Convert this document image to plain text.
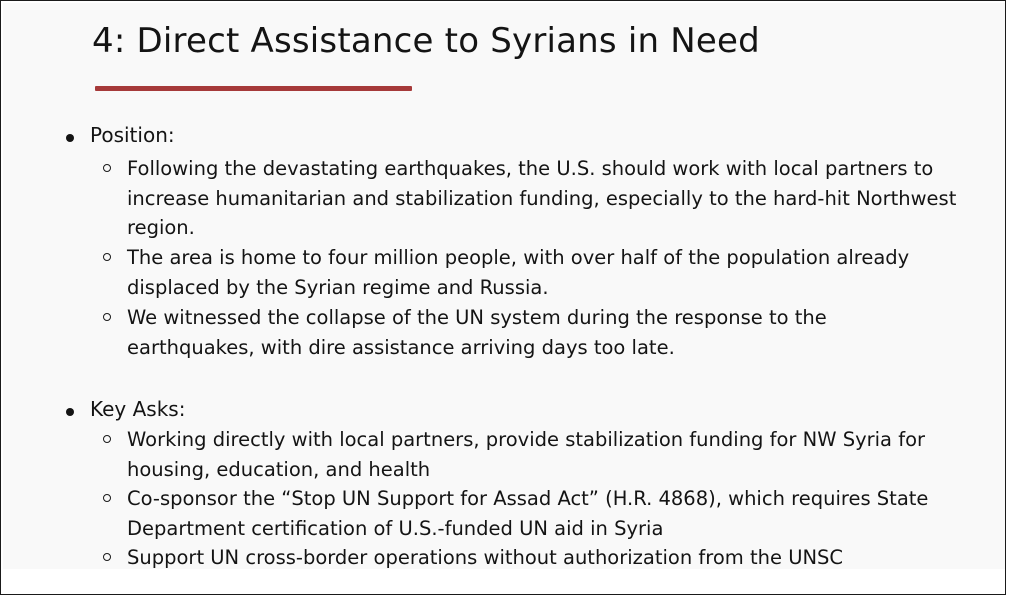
4: Direct Assistance to Syrians in Need
Position:
Following the devastating earthquakes, the U.S. should work with local partners to increase humanitarian and stabilization funding, especially to the hard-hit Northwest region.
The area is home to four million people, with over half of the population already displaced by the Syrian regime and Russia.
We witnessed the collapse of the UN system during the response to the earthquakes, with dire assistance arriving days too late.
Key Asks:
Working directly with local partners, provide stabilization funding for NW Syria for housing, education, and health
Co-sponsor the “Stop UN Support for Assad Act” (H.R. 4868), which requires State Department certification of U.S.-funded UN aid in Syria
Support UN cross-border operations without authorization from the UNSC
